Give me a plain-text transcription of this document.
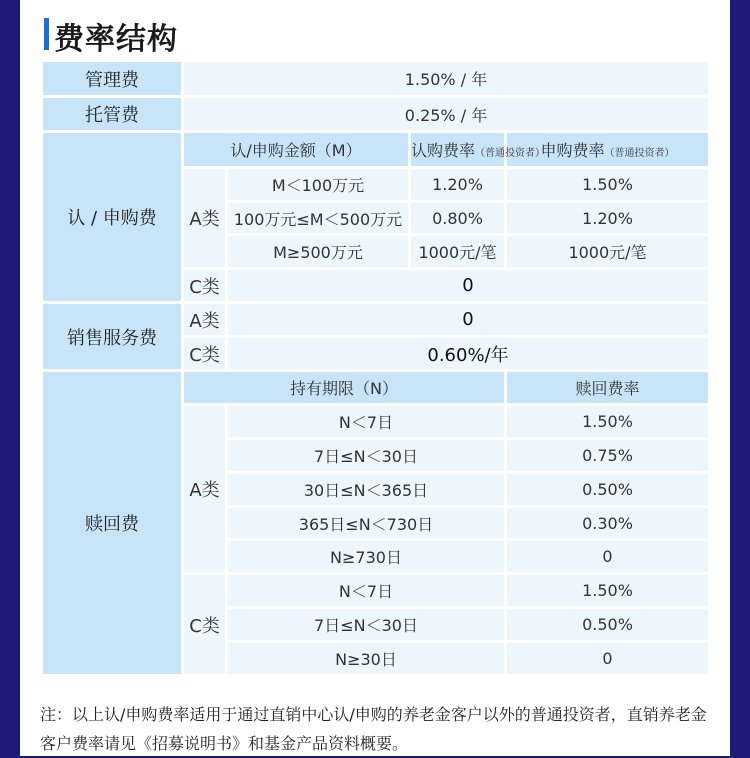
费率结构
管理费	1.50% / 年			
托管费	0.25% / 年			
认 / 申购费	认/申购金额（M）		认购费率（普通投资者）	申购费率（普通投资者）
	A类	M＜100万元	1.20%	1.50%
		100万元≤M＜500万元	0.80%	1.20%
		M≥500万元	1000元/笔	1000元/笔
	C类	0		
销售服务费	A类	0		
	C类	0.60%/年		
赎回费	持有期限（N）			赎回费率
	A类	N＜7日		1.50%
		7日≤N＜30日		0.75%
		30日≤N＜365日		0.50%
		365日≤N＜730日		0.30%
		N≥730日		0
	C类	N＜7日		1.50%
		7日≤N＜30日		0.50%
		N≥30日		0
注：以上认/申购费率适用于通过直销中心认/申购的养老金客户以外的普通投资者，直销养老金客户费率请见《招募说明书》和基金产品资料概要。
